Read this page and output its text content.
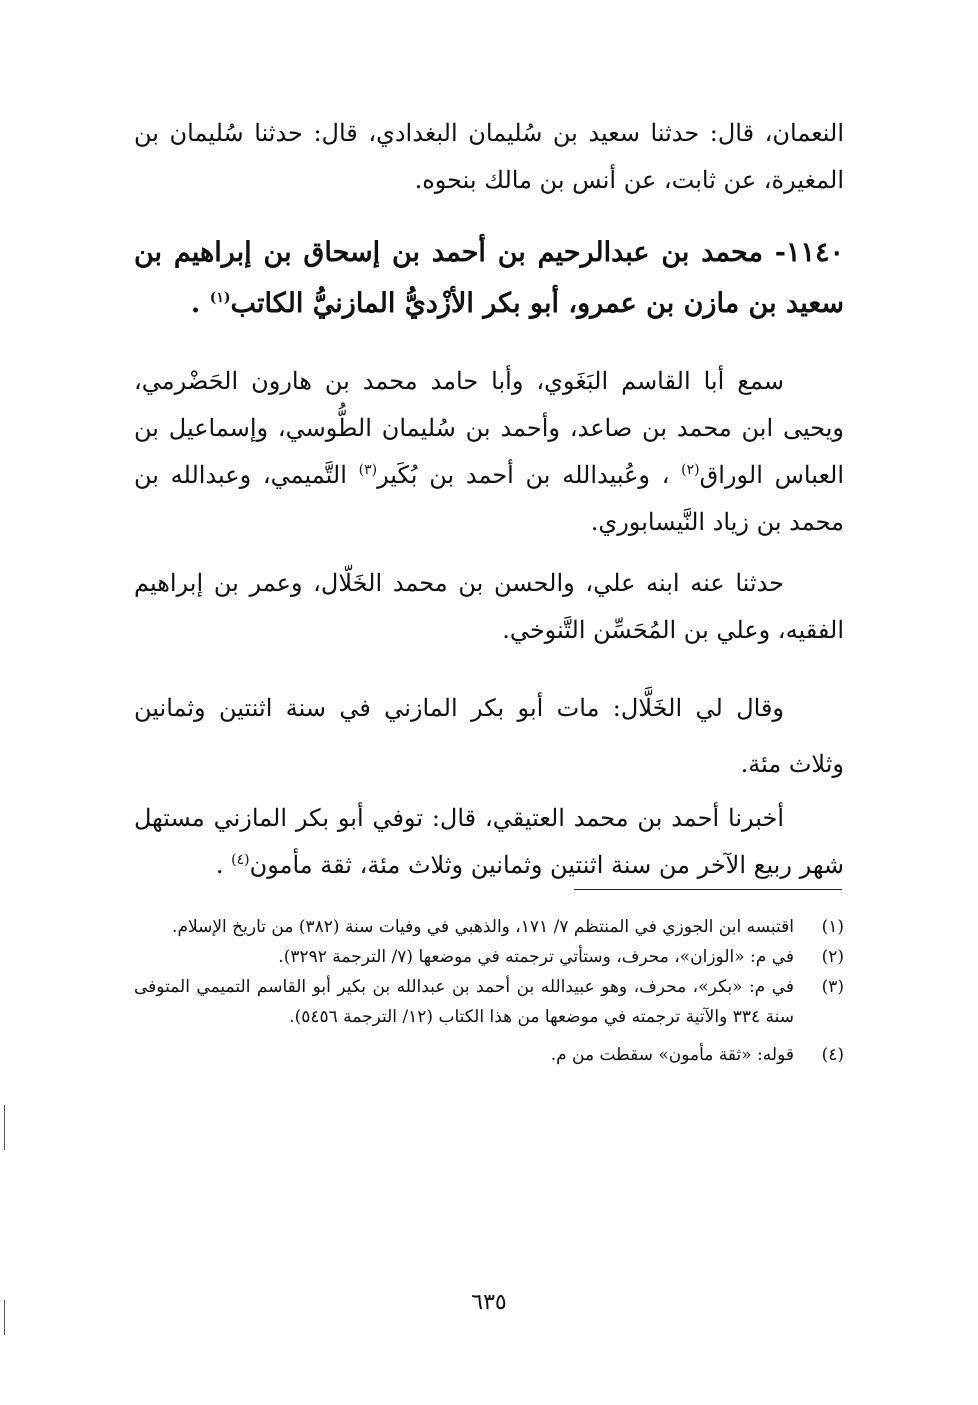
النعمان، قال: حدثنا سعيد بن سُليمان البغدادي، قال: حدثنا سُليمان بن المغيرة، عن ثابت، عن أنس بن مالك بنحوه.

١١٤٠- محمد بن عبدالرحيم بن أحمد بن إسحاق بن إبراهيم بن سعيد بن مازن بن عمرو، أبو بكر الأزْديُّ المازنيُّ الكاتب$^{(١)}$ .

سمع أبا القاسم البَغَوي، وأبا حامد محمد بن هارون الحَضْرمي، ويحيى ابن محمد بن صاعد، وأحمد بن سُليمان الطُّوسي، وإسماعيل بن العباس الوراق$^{(٢)}$ ، وعُبيدالله بن أحمد بن بُكَير$^{(٣)}$ التَّميمي، وعبدالله بن محمد بن زياد النَّيسابوري.

حدثنا عنه ابنه علي، والحسن بن محمد الخَلّال، وعمر بن إبراهيم الفقيه، وعلي بن المُحَسِّن التَّنوخي.

وقال لي الخَلَّال: مات أبو بكر المازني في سنة اثنتين وثمانين وثلاث مئة.

أخبرنا أحمد بن محمد العتيقي، قال: توفي أبو بكر المازني مستهل شهر ربيع الآخر من سنة اثنتين وثمانين وثلاث مئة، ثقة مأمون$^{(٤)}$ .

(١)
اقتبسه ابن الجوزي في المنتظم ٧/ ١٧١، والذهبي في وفيات سنة (٣٨٢) من تاريخ الإسلام.
(٢)
في م: «الوزان»، محرف، وستأتي ترجمته في موضعها (٧/ الترجمة ٣٢٩٢).
(٣)
في م: «بكر»، محرف، وهو عبيدالله بن أحمد بن عبدالله بن بكير أبو القاسم التميمي المتوفى سنة ٣٣٤ والآتية ترجمته في موضعها من هذا الكتاب (١٢/ الترجمة ٥٤٥٦).
(٤)
قوله: «ثقة مأمون» سقطت من م.
٦٣٥
